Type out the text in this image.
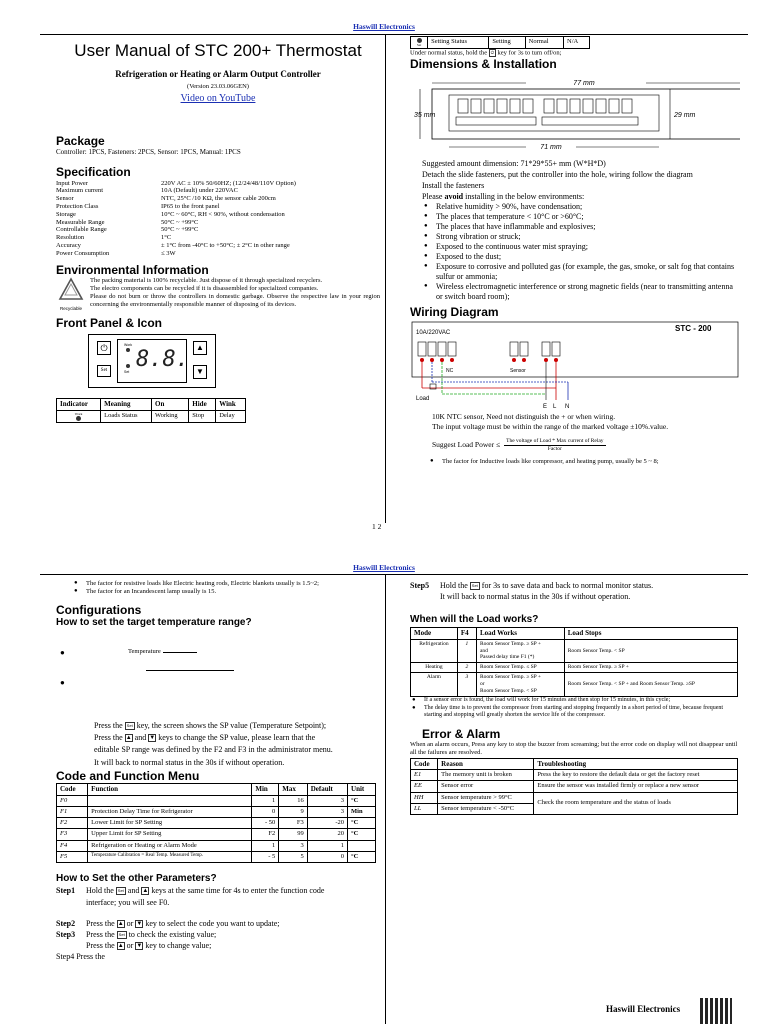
Haswill Electronics
User Manual of STC 200+ Thermostat
Refrigeration or Heating or Alarm Output Controller
(Version 23.03.06GEN)
Video on YouTube
Package
Controller: 1PCS, Fasteners: 2PCS, Sensor: 1PCS, Manual: 1PCS
Specification
Input Power	220V AC ± 10% 50/60HZ; (12/24/48/110V Option)
Maximum current	10A (Default) under 220VAC
Sensor	NTC, 25°C /10 KΩ, the sensor cable 200cm
Protection Class	IP65 to the front panel
Storage	10°C ~ 60°C, RH < 90%, without condensation
Measurable Range	50°C ~ +99°C
Controllable Range	50°C ~ +99°C
Resolution	1°C
Accuracy	± 1°C from -40°C to +50°C; ± 2°C in other range
Power Consumption	≤ 3W
Environmental Information
Recyclable
The packing material is 100% recyclable. Just dispose of it through specialized recyclers.
The electro components can be recycled if it is disassembled for specialized companies.
Please do not burn or throw the controllers in domestic garbage. Observe the respective law in your region concerning the environmentally responsible manner of disposing of its devices.
Front Panel & Icon
⏻
Set
Work
Set 8.8. ▲
▼
Indicator	Meaning	On	Hide	Wink

Work	Loads Status	Working	Stop	Delay
Set	Setting Status	Setting	Normal	N/A
Under normal status, hold the ⏻ key for 3s to turn off/on;
Dimensions & Installation
77 mm
35 mm	29 mm
71 mm
Suggested amount dimension: 71*29*55+ mm (W*H*D)
Detach the slide fasteners, put the controller into the hole, wiring follow the diagram
Install the fasteners
Please avoid installing in the below environments:
● Relative humidity > 90%, have condensation;
● The places that temperature < 10°C or >60°C;
● The places that have inflammable and explosives;
● Strong vibration or struck;
● Exposed to the continuous water mist spraying;
● Exposed to the dust;
● Exposure to corrosive and polluted gas (for example, the gas, smoke, or salt fog that contains sulfur or ammonia;
● Wireless electromagnetic interference or strong magnetic fields (near to transmitting antenna or switch board room);
Wiring Diagram
STC - 200
10A/220VAC
NC	Sensor
Load
E L N
10K NTC sensor, Need not distinguish the + or when wiring.
The input voltage must be within the range of the marked voltage ±10%.value.
Suggest Load Power ≤	The voltage of Load * Max current of Relay
Factor
● The factor for Inductive loads like compressor, and heating pump, usually be 5 ~ 8;
1 2
Haswill Electronics
● The factor for resistive loads like Electric heating rods, Electric blankets usually is 1.5~2;
● The factor for an Incandescent lamp usually is 15.
Configurations
How to set the target temperature range?
●	Temperature
●
Press the Set key, the screen shows the SP value (Temperature Setpoint);
Press the ▲ and ▼ keys to change the SP value, please learn that the
editable SP range was defined by the F2 and F3 in the administrator menu.
It will back to normal status in the 30s if without operation.
Code and Function Menu
Code	Function	Min	Max	Default	Unit
F0		1	16	3	°C
F1	Protection Delay Time for Refrigerator	0	9	3	Min
F2	Lower Limit for SP Setting	- 50	F3	-20	°C
F3	Upper Limit for SP Setting	F2	99	20	°C
F4	Refrigeration or Heating or Alarm Mode	1	3	1	
F5	Temperature Calibration = Real Temp. Measured Temp.	- 5	5	0	°C
How to Set the other Parameters?
Step1	Hold the Set and ▲ keys at the same time for 4s to enter the function code
interface; you will see F0.
Step2	Press the ▲ or ▼ key to select the code you want to update;
Step3	Press the Set to check the existing value;
Press the ▲ or ▼ key to change value;
Step4 Press the
Step5	Hold the Set for 3s to save data and back to normal monitor status.
It will back to normal status in the 30s if without operation.
When will the Load works?
Mode	F4	Load Works	Load Stops
Refrigeration	1	Room Sensor Temp. ≥ SP +
and
Passed delay time F1 (*)	Room Sensor Temp. < SP
Heating	2	Room Sensor Temp. ≤ SP	Room Sensor Temp. ≥ SP +
Alarm	3	Room Sensor Temp. ≥ SP +
or
Room Sensor Temp. < SP	Room Sensor Temp. < SP + and Room Sensor Temp. ≥SP
● If a sensor error is found, the load will work for 15 minutes and then stop for 15 minutes, in this cycle;
● The delay time is to prevent the compressor from starting and stopping frequently in a short period of time, because frequent starting and stopping will greatly shorten the service life of the compressor.
Error & Alarm
When an alarm occurs, Press any key to stop the buzzer from screaming; but the error code on display will not disappear until all the failures are resolved.
Code	Reason	Troubleshooting
E1	The memory unit is broken	Press the key to restore the default data or get the factory reset
EE	Sensor error	Ensure the sensor was installed firmly or replace a new sensor
HH	Sensor temperature > 99°C	Check the room temperature and the status of loads
LL	Sensor temperature < -50°C	
Haswill Electronics
